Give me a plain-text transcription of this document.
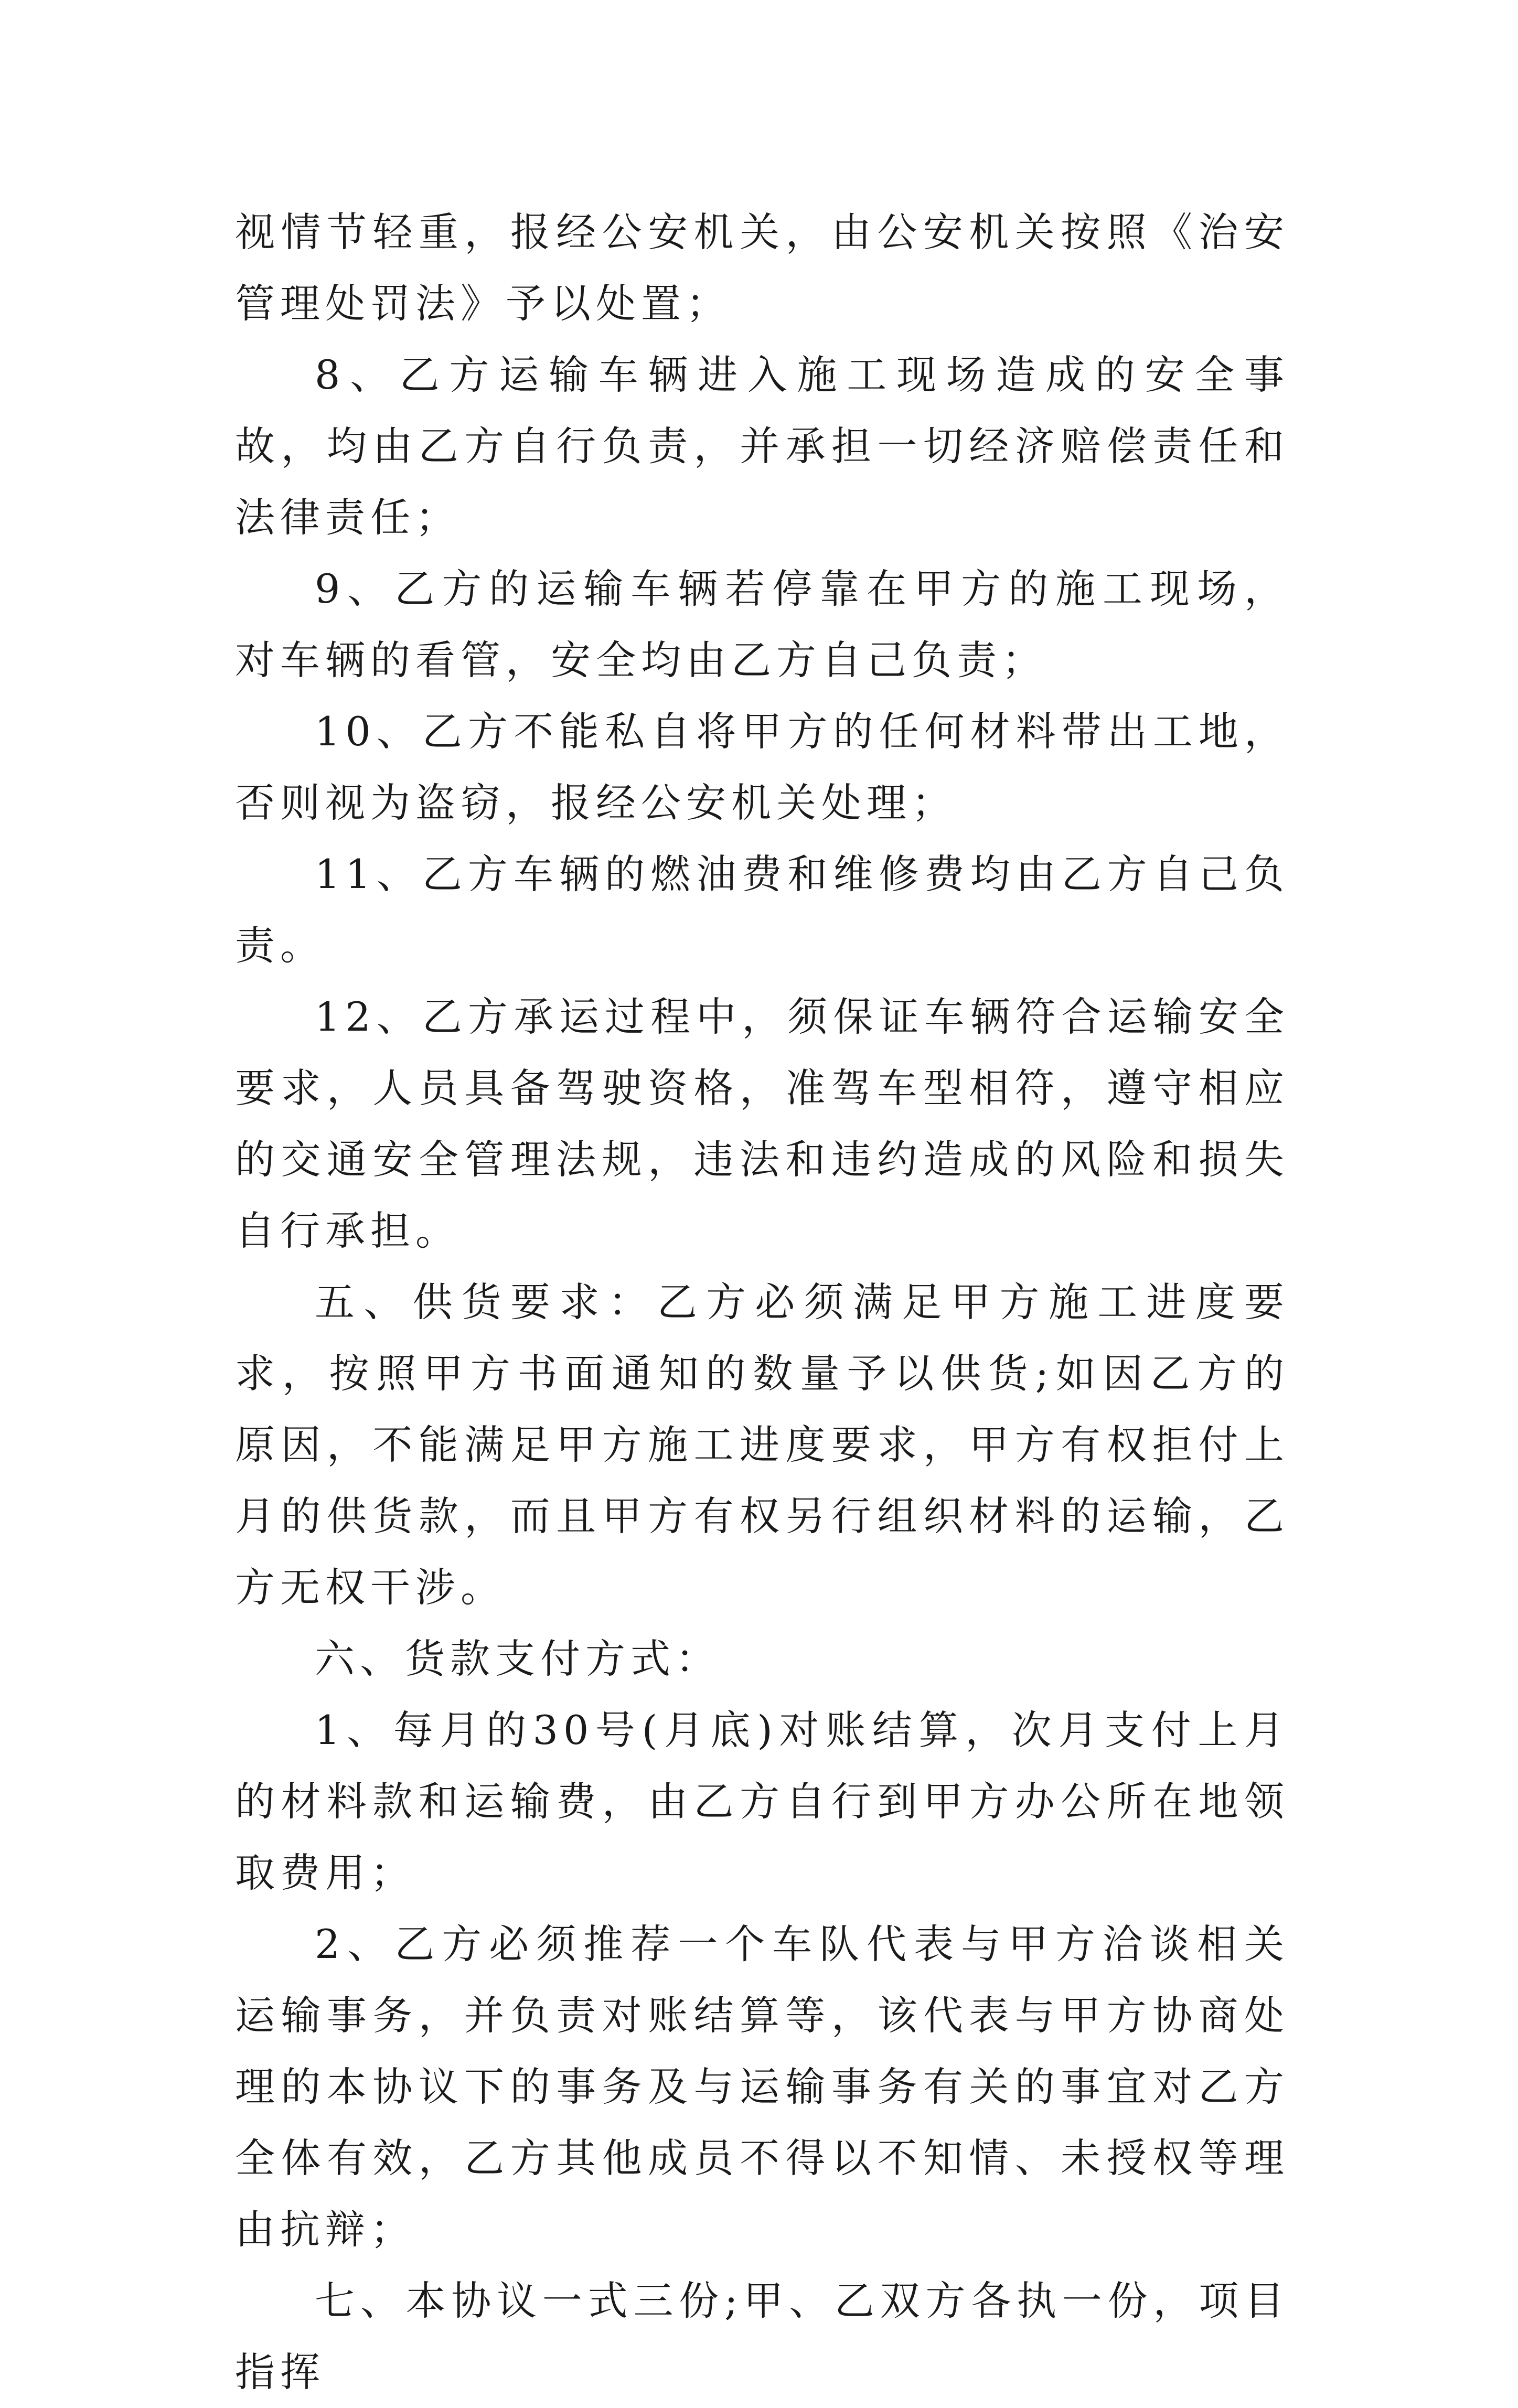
视情节轻重，报经公安机关，由公安机关按照《治安管理处罚法》予以处置；

8、乙方运输车辆进入施工现场造成的安全事故，均由乙方自行负责，并承担一切经济赔偿责任和法律责任；

9、乙方的运输车辆若停靠在甲方的施工现场，对车辆的看管，安全均由乙方自己负责；

10、乙方不能私自将甲方的任何材料带出工地，否则视为盗窃，报经公安机关处理；

11、乙方车辆的燃油费和维修费均由乙方自己负责。

12、乙方承运过程中，须保证车辆符合运输安全要求，人员具备驾驶资格，准驾车型相符，遵守相应的交通安全管理法规，违法和违约造成的风险和损失自行承担。

五、供货要求：乙方必须满足甲方施工进度要求，按照甲方书面通知的数量予以供货;如因乙方的原因，不能满足甲方施工进度要求，甲方有权拒付上月的供货款，而且甲方有权另行组织材料的运输，乙方无权干涉。

六、货款支付方式：

1、每月的30号(月底)对账结算，次月支付上月的材料款和运输费，由乙方自行到甲方办公所在地领取费用；

2、乙方必须推荐一个车队代表与甲方洽谈相关运输事务，并负责对账结算等，该代表与甲方协商处理的本协议下的事务及与运输事务有关的事宜对乙方全体有效，乙方其他成员不得以不知情、未授权等理由抗辩；

七、本协议一式三份;甲、乙双方各执一份，项目指挥
